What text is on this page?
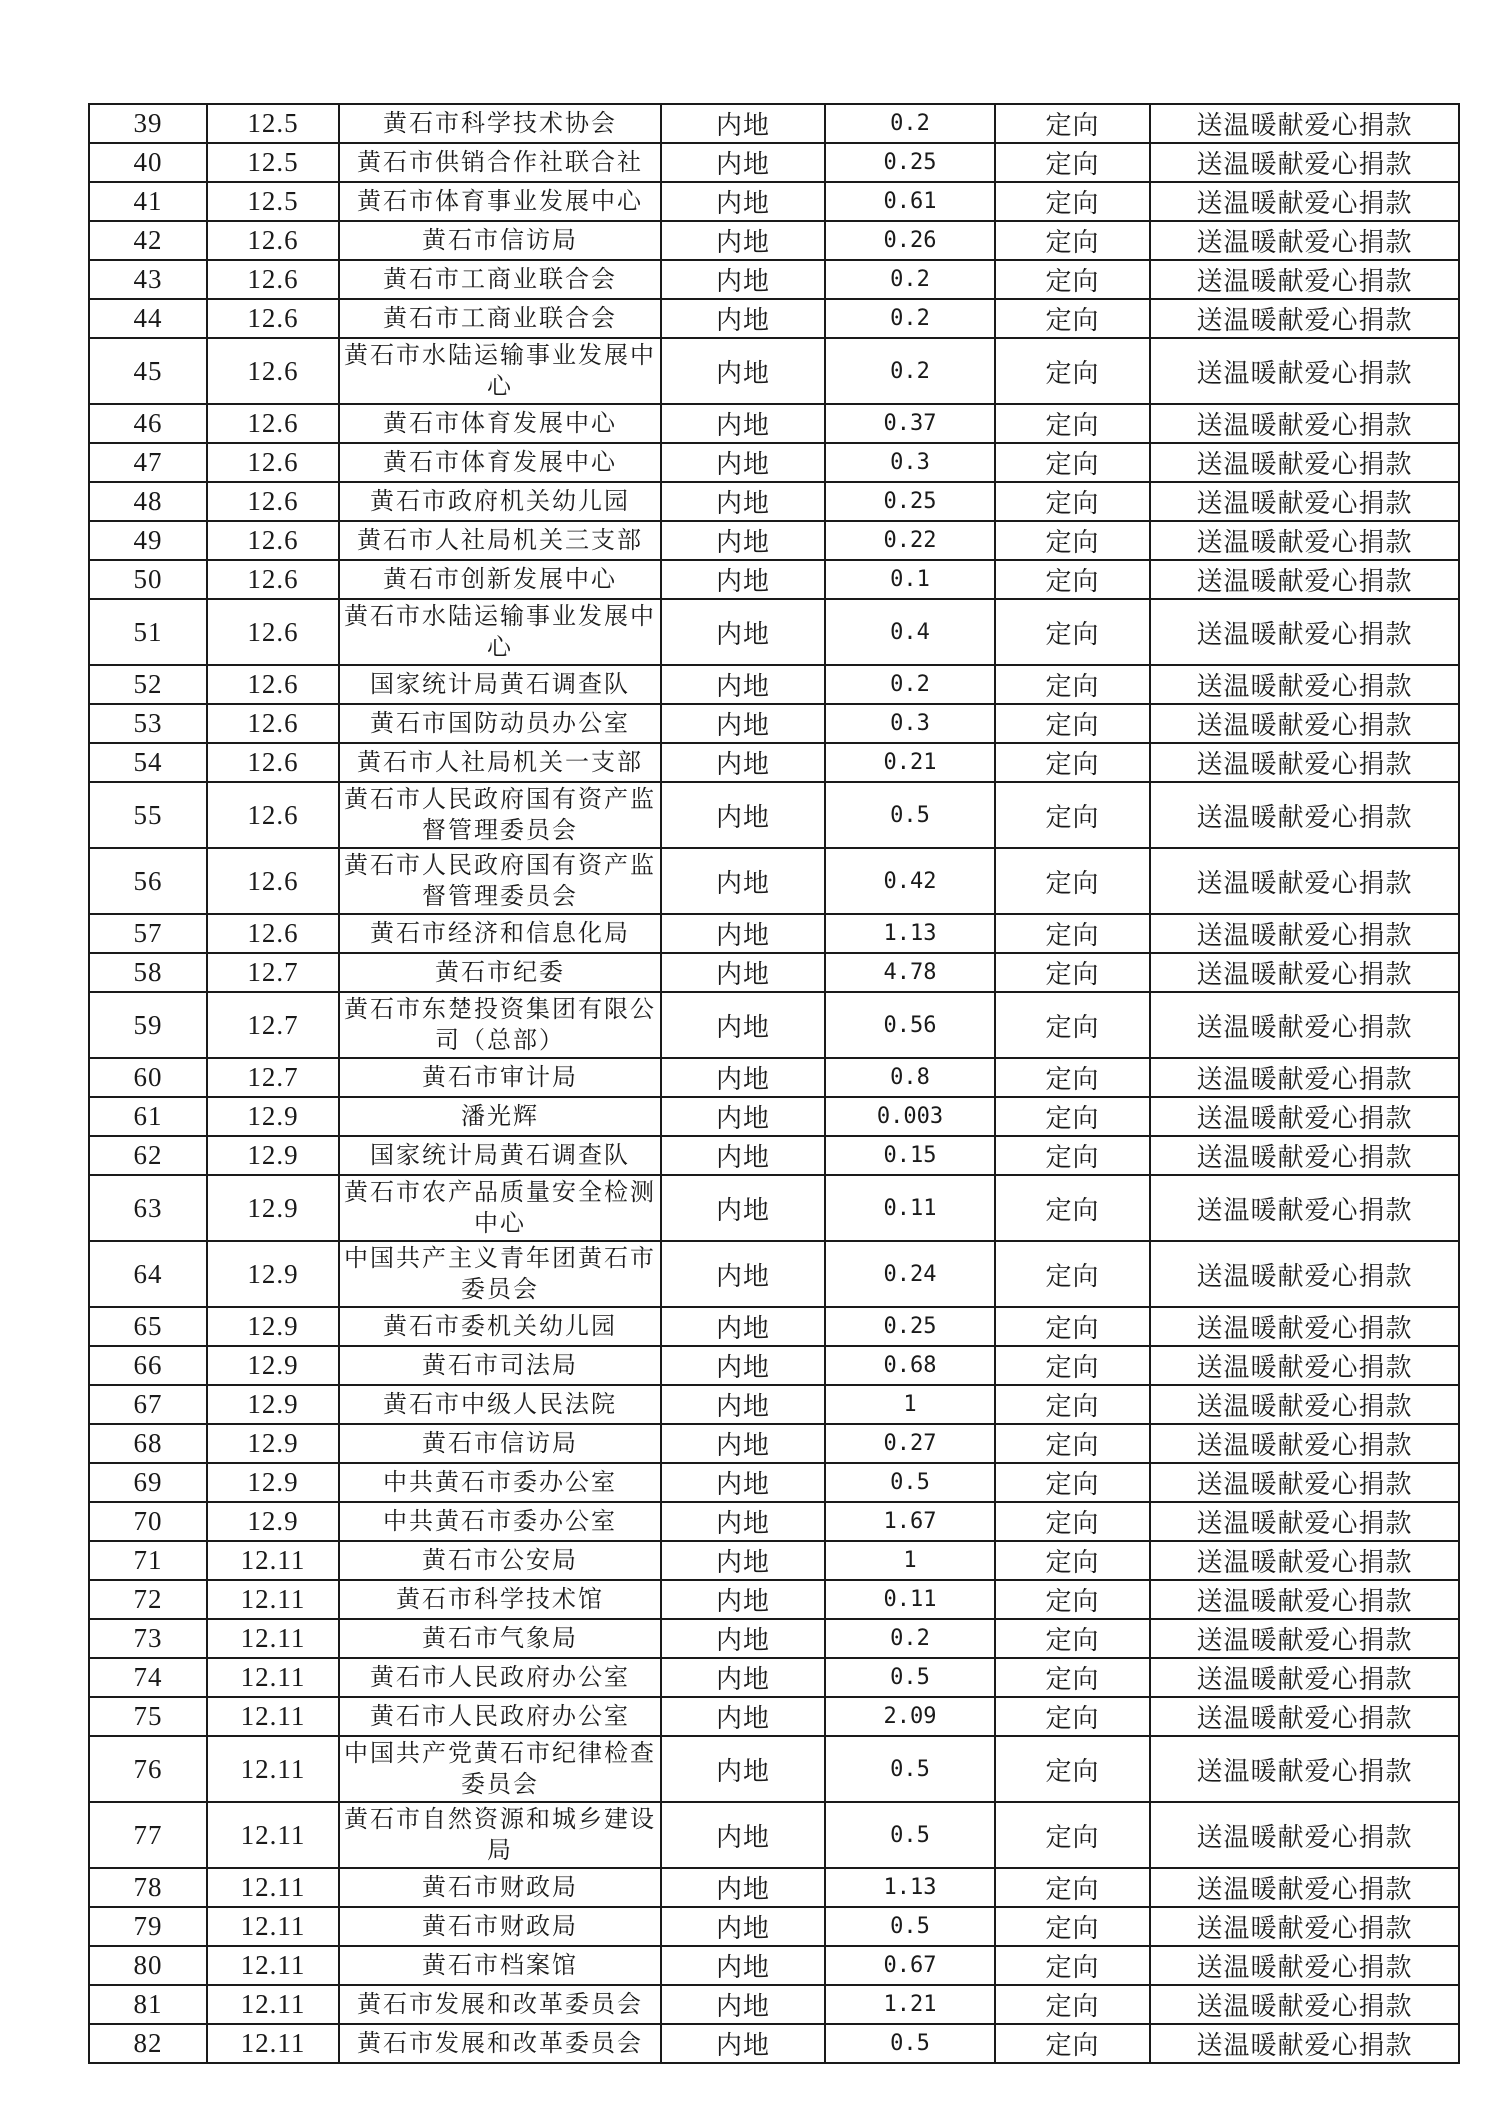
39	12.5	黄石市科学技术协会	内地	0.2	定向	送温暖献爱心捐款
40	12.5	黄石市供销合作社联合社	内地	0.25	定向	送温暖献爱心捐款
41	12.5	黄石市体育事业发展中心	内地	0.61	定向	送温暖献爱心捐款
42	12.6	黄石市信访局	内地	0.26	定向	送温暖献爱心捐款
43	12.6	黄石市工商业联合会	内地	0.2	定向	送温暖献爱心捐款
44	12.6	黄石市工商业联合会	内地	0.2	定向	送温暖献爱心捐款
45	12.6	黄石市水陆运输事业发展中心	内地	0.2	定向	送温暖献爱心捐款
46	12.6	黄石市体育发展中心	内地	0.37	定向	送温暖献爱心捐款
47	12.6	黄石市体育发展中心	内地	0.3	定向	送温暖献爱心捐款
48	12.6	黄石市政府机关幼儿园	内地	0.25	定向	送温暖献爱心捐款
49	12.6	黄石市人社局机关三支部	内地	0.22	定向	送温暖献爱心捐款
50	12.6	黄石市创新发展中心	内地	0.1	定向	送温暖献爱心捐款
51	12.6	黄石市水陆运输事业发展中心	内地	0.4	定向	送温暖献爱心捐款
52	12.6	国家统计局黄石调查队	内地	0.2	定向	送温暖献爱心捐款
53	12.6	黄石市国防动员办公室	内地	0.3	定向	送温暖献爱心捐款
54	12.6	黄石市人社局机关一支部	内地	0.21	定向	送温暖献爱心捐款
55	12.6	黄石市人民政府国有资产监督管理委员会	内地	0.5	定向	送温暖献爱心捐款
56	12.6	黄石市人民政府国有资产监督管理委员会	内地	0.42	定向	送温暖献爱心捐款
57	12.6	黄石市经济和信息化局	内地	1.13	定向	送温暖献爱心捐款
58	12.7	黄石市纪委	内地	4.78	定向	送温暖献爱心捐款
59	12.7	黄石市东楚投资集团有限公司（总部）	内地	0.56	定向	送温暖献爱心捐款
60	12.7	黄石市审计局	内地	0.8	定向	送温暖献爱心捐款
61	12.9	潘光辉	内地	0.003	定向	送温暖献爱心捐款
62	12.9	国家统计局黄石调查队	内地	0.15	定向	送温暖献爱心捐款
63	12.9	黄石市农产品质量安全检测中心	内地	0.11	定向	送温暖献爱心捐款
64	12.9	中国共产主义青年团黄石市委员会	内地	0.24	定向	送温暖献爱心捐款
65	12.9	黄石市委机关幼儿园	内地	0.25	定向	送温暖献爱心捐款
66	12.9	黄石市司法局	内地	0.68	定向	送温暖献爱心捐款
67	12.9	黄石市中级人民法院	内地	1	定向	送温暖献爱心捐款
68	12.9	黄石市信访局	内地	0.27	定向	送温暖献爱心捐款
69	12.9	中共黄石市委办公室	内地	0.5	定向	送温暖献爱心捐款
70	12.9	中共黄石市委办公室	内地	1.67	定向	送温暖献爱心捐款
71	12.11	黄石市公安局	内地	1	定向	送温暖献爱心捐款
72	12.11	黄石市科学技术馆	内地	0.11	定向	送温暖献爱心捐款
73	12.11	黄石市气象局	内地	0.2	定向	送温暖献爱心捐款
74	12.11	黄石市人民政府办公室	内地	0.5	定向	送温暖献爱心捐款
75	12.11	黄石市人民政府办公室	内地	2.09	定向	送温暖献爱心捐款
76	12.11	中国共产党黄石市纪律检查委员会	内地	0.5	定向	送温暖献爱心捐款
77	12.11	黄石市自然资源和城乡建设局	内地	0.5	定向	送温暖献爱心捐款
78	12.11	黄石市财政局	内地	1.13	定向	送温暖献爱心捐款
79	12.11	黄石市财政局	内地	0.5	定向	送温暖献爱心捐款
80	12.11	黄石市档案馆	内地	0.67	定向	送温暖献爱心捐款
81	12.11	黄石市发展和改革委员会	内地	1.21	定向	送温暖献爱心捐款
82	12.11	黄石市发展和改革委员会	内地	0.5	定向	送温暖献爱心捐款
